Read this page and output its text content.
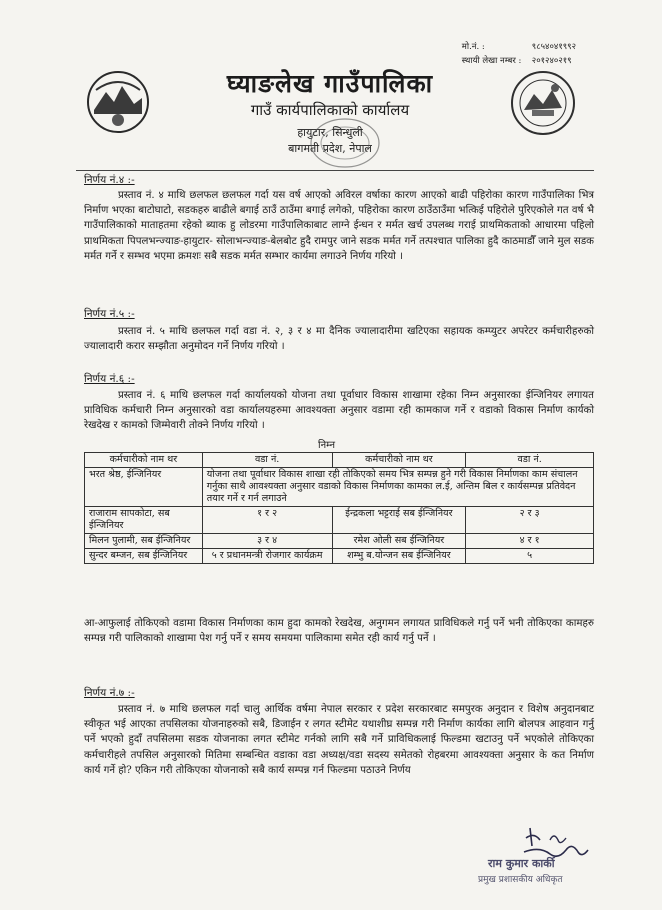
मो.नं. :	९८५४०४१९९२
स्थायी लेखा नम्बर : २०१२४०२१९
घ्याङलेख गाउँपालिका
गाउँ कार्यपालिकाको कार्यालय
हायुटार, सिन्धुली
बागमती प्रदेश, नेपाल
निर्णय नं.४ :-
प्रस्ताव नं. ४ माथि छलफल छलफल गर्दा यस वर्ष आएको अविरल वर्षाका कारण आएको बाढी पहिरोका कारण गाउँपालिका भित्र निर्माण भएका बाटोघाटो, सडकहरु बाढीले बगाई ठाउँ ठाउँमा बगाई लगेको, पहिरोका कारण ठाउँठाउँमा भत्किई पहिरोले पुरिएकोले गत वर्ष भै गाउँपालिकाको माताहतमा रहेको ब्याक हु लोडरमा गाउँपालिकाबाट लाग्ने ईन्धन र मर्मत खर्च उपलब्ध गराई प्राथमिकताको आधारमा पहिलो प्राथमिकता पिपलभन्ज्याङ-हायुटार- सोलाभन्ज्याङ-बेलबोट हुदै रामपुर जाने सडक मर्मत गर्ने तत्पश्चात पालिका हुदै काठमाडौँ जाने मुल सडक मर्मत गर्ने र सम्भव भएमा क्रमशः सबै सडक मर्मत सम्भार कार्यमा लगाउने निर्णय गरियो ।
निर्णय नं.५ :-
प्रस्ताव नं. ५ माथि छलफल गर्दा वडा नं. २, ३ र ४ मा दैनिक ज्यालादारीमा खटिएका सहायक कम्प्युटर अपरेटर कर्मचारीहरुको ज्यालादारी करार सम्झौता अनुमोदन गर्ने निर्णय गरियो ।
निर्णय नं.६ :-
प्रस्ताव नं. ६ माथि छलफल गर्दा कार्यालयको योजना तथा पूर्वाधार विकास शाखामा रहेका निम्न अनुसारका ईन्जिनियर लगायत प्राविधिक कर्मचारी निम्न अनुसारको वडा कार्यालयहरुमा आवश्यक्ता अनुसार वडामा रही कामकाज गर्ने र वडाको विकास निर्माण कार्यको रेखदेख र कामको जिम्मेवारी तोक्ने निर्णय गरियो ।
निम्न
कर्मचारीको नाम थर	वडा नं.	कर्मचारीको नाम थर	वडा नं.
भरत श्रेष्ठ, ईन्जिनियर	योजना तथा पूर्वाधार विकास शाखा रही तोकिएको समय भित्र सम्पन्न हुने गरी विकास निर्माणका काम संचालन गर्नुका साथै आवश्यक्ता अनुसार वडाको विकास निर्माणका कामका ल.ई, अन्तिम बिल र कार्यसम्पन्न प्रतिवेदन तयार गर्ने र गर्न लगाउने		
राजाराम सापकोटा, सब ईन्जिनियर	१ र २	ईन्द्रकला भट्टराई सब ईन्जिनियर	२ र ३
मिलन पुलामी, सब ईन्जिनियर	३ र ४	रमेश ओली सब ईन्जिनियर	४ र १
सुन्दर बम्जन, सब ईन्जिनियर	५ र प्रधानमन्त्री रोजगार कार्यक्रम	शम्भु ब.योन्जन सब ईन्जिनियर	५
आ-आफुलाई तोकिएको वडामा विकास निर्माणका काम हुदा कामको रेखदेख, अनुगमन लगायत प्राविधिकले गर्नु पर्ने भनी तोकिएका कामहरु सम्पन्न गरी पालिकाको शाखामा पेश गर्नु पर्ने र समय समयमा पालिकामा समेत रही कार्य गर्नु पर्ने ।
निर्णय नं.७ :-
प्रस्ताव नं. ७ माथि छलफल गर्दा चालु आर्थिक वर्षमा नेपाल सरकार र प्रदेश सरकारबाट समपुरक अनुदान र विशेष अनुदानबाट स्वीकृत भई आएका तपसिलका योजनाहरुको सबै, डिजाईन र लगत स्टीमेट यथाशीघ्र सम्पन्न गरी निर्माण कार्यका लागि बोलपत्र आहवान गर्नु पर्ने भएको हुदाँ तपसिलमा सडक योजनाका लगत स्टीमेट गर्नको लागि सबै गर्ने प्राविधिकलाई फिल्डमा खटाउनु पर्ने भएकोले तोकिएका कर्मचारीहले तपसिल अनुसारको मितिमा सम्बन्धित वडाका वडा अध्यक्ष/वडा सदस्य समेतको रोहबरमा आवश्यक्ता अनुसार के कत निर्माण कार्य गर्ने हो? एकिन गरी तोकिएका योजनाको सबै कार्य सम्पन्न गर्न फिल्डमा पठाउने निर्णय
राम कुमार कार्की
प्रमुख प्रशासकीय अधिकृत
